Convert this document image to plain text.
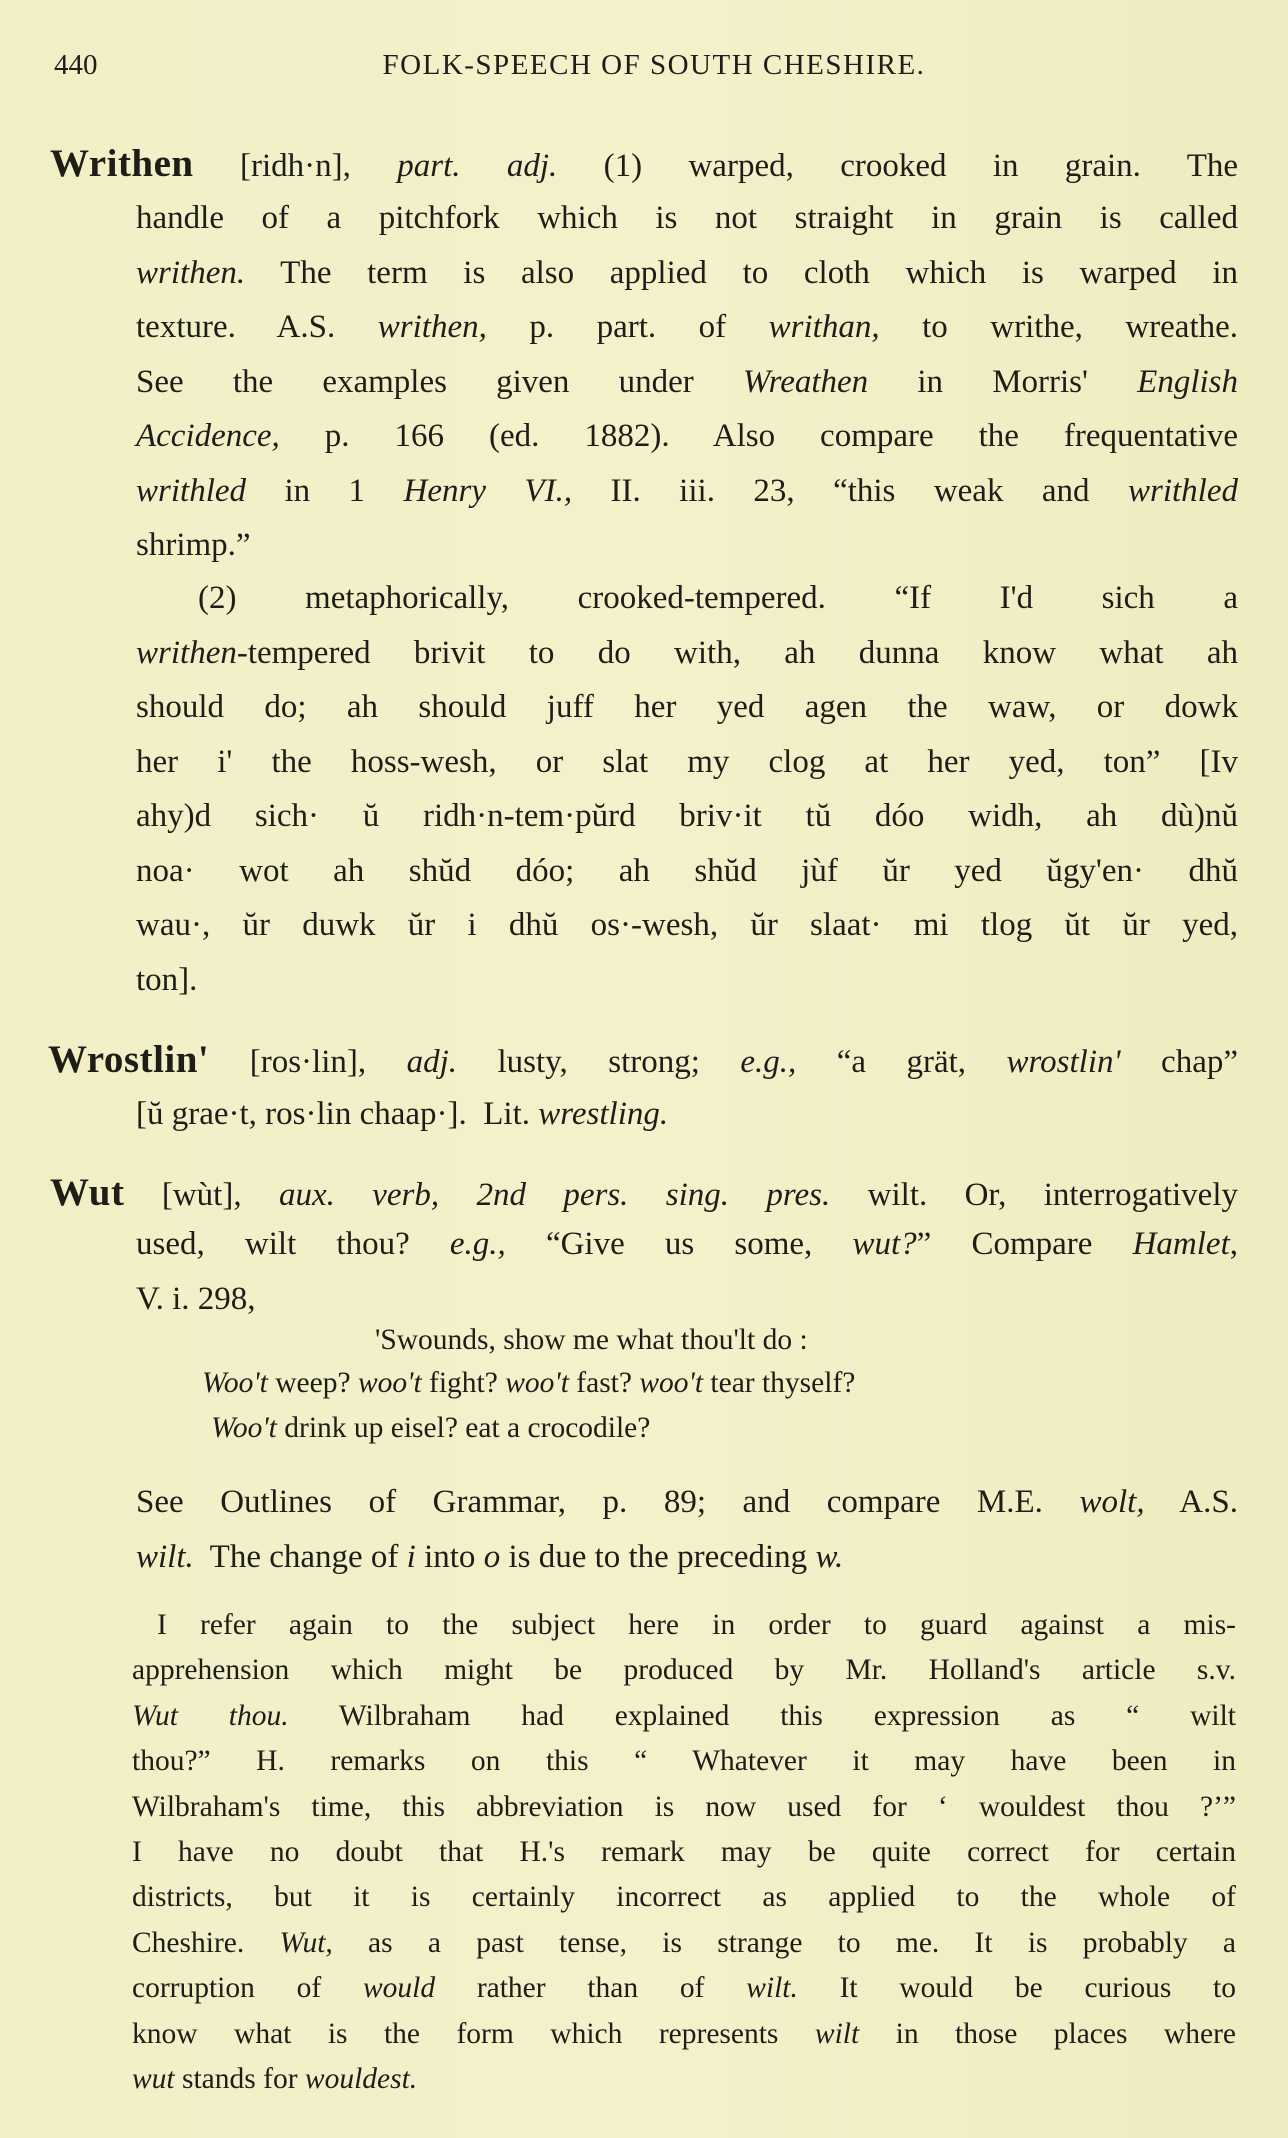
440	FOLK-SPEECH OF SOUTH CHESHIRE.
Writhen [ridh·n], part. adj. (1) warped, crooked in grain. The
handle of a pitchfork which is not straight in grain is called
writhen. The term is also applied to cloth which is warped in
texture. A.S. writhen, p. part. of writhan, to writhe, wreathe.
See the examples given under Wreathen in Morris' English
Accidence, p. 166 (ed. 1882). Also compare the frequentative
writhled in 1 Henry VI., II. iii. 23, “this weak and writhled
shrimp.”
(2) metaphorically, crooked-tempered. “If I'd sich a
writhen-tempered brivit to do with, ah dunna know what ah
should do; ah should juff her yed agen the waw, or dowk
her i' the hoss-wesh, or slat my clog at her yed, ton” [Iv
ahy)d sich· ŭ ridh·n-tem·pŭrd briv·it tŭ dóo widh, ah dù)nŭ
noa· wot ah shŭd dóo; ah shŭd jùf ŭr yed ŭgy'en· dhŭ
wau·, ŭr duwk ŭr i dhŭ os·-wesh, ŭr slaat· mi tlog ŭt ŭr yed,
ton].
Wrostlin' [ros·lin], adj. lusty, strong; e.g., “a grät, wrostlin' chap”
[ŭ grae·t, ros·lin chaap·].  Lit. wrestling.
Wut [wùt], aux. verb, 2nd pers. sing. pres. wilt. Or, interrogatively
used, wilt thou? e.g., “Give us some, wut?” Compare Hamlet,
V. i. 298,
'Swounds, show me what thou'lt do :
Woo't weep? woo't fight? woo't fast? woo't tear thyself?
Woo't drink up eisel? eat a crocodile?
See Outlines of Grammar, p. 89; and compare M.E. wolt, A.S.
wilt.  The change of i into o is due to the preceding w.
I refer again to the subject here in order to guard against a mis-
apprehension which might be produced by Mr. Holland's article s.v.
Wut thou. Wilbraham had explained this expression as “ wilt
thou?” H. remarks on this “ Whatever it may have been in
Wilbraham's time, this abbreviation is now used for ‘ wouldest thou ?’”
I have no doubt that H.'s remark may be quite correct for certain
districts, but it is certainly incorrect as applied to the whole of
Cheshire. Wut, as a past tense, is strange to me. It is probably a
corruption of would rather than of wilt. It would be curious to
know what is the form which represents wilt in those places where
wut stands for wouldest.
